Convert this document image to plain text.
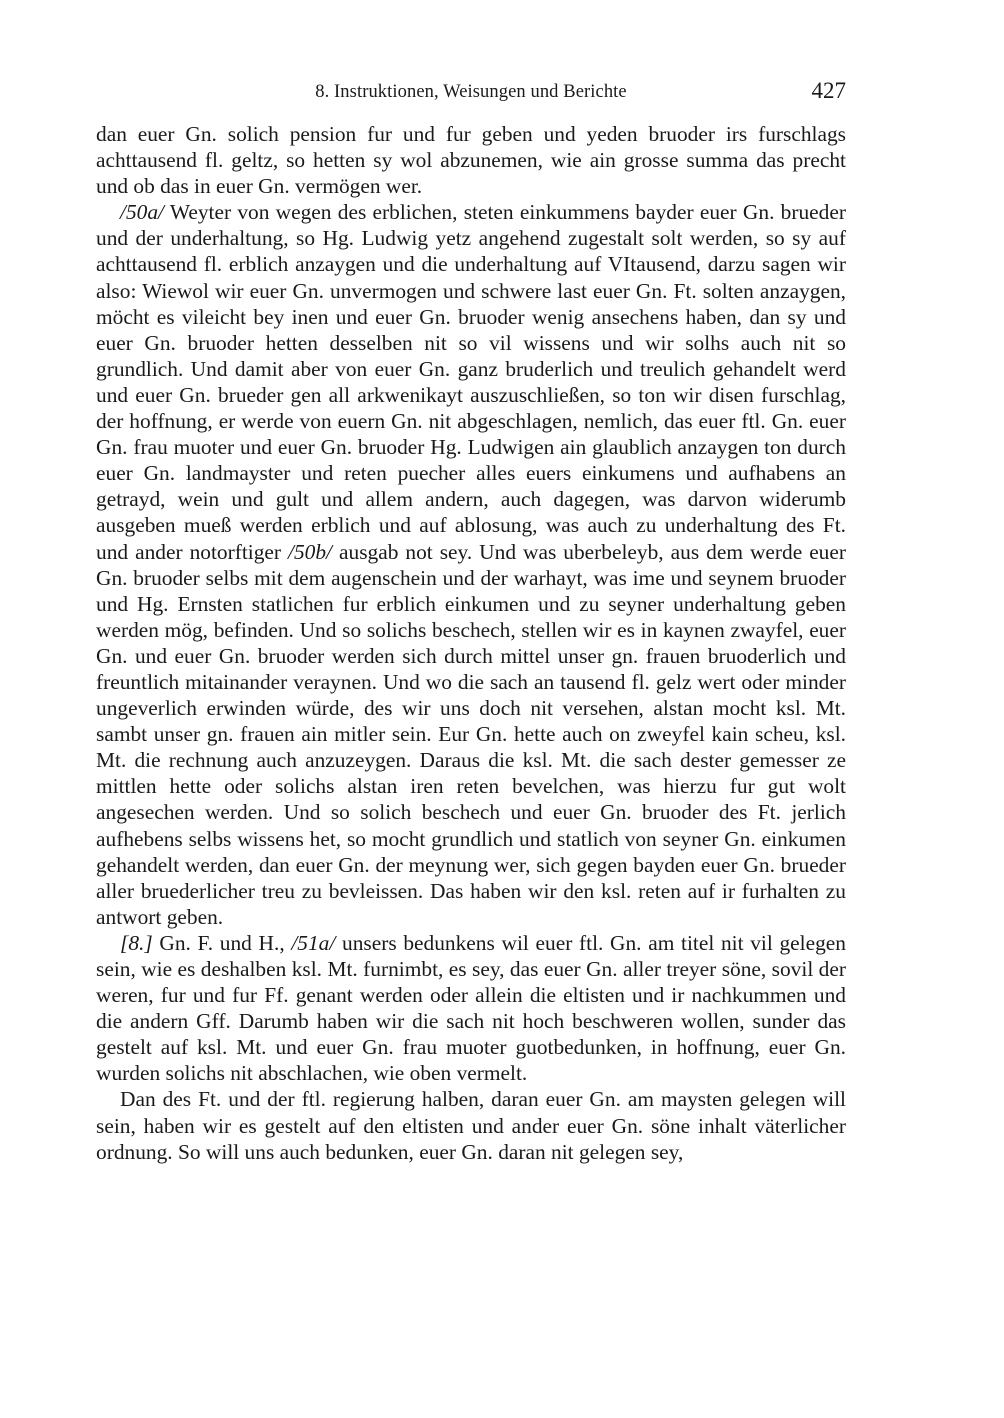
8. Instruktionen, Weisungen und Berichte	427

dan euer Gn. solich pension fur und fur geben und yeden bruoder irs furschlags achttausend fl. geltz, so hetten sy wol abzunemen, wie ain grosse summa das precht und ob das in euer Gn. vermögen wer.

/50a/ Weyter von wegen des erblichen, steten einkummens bayder euer Gn. brueder und der underhaltung, so Hg. Ludwig yetz angehend zugestalt solt werden, so sy auf achttausend fl. erblich anzaygen und die underhaltung auf VItausend, darzu sagen wir also: Wiewol wir euer Gn. unvermogen und schwere last euer Gn. Ft. solten anzaygen, möcht es vileicht bey inen und euer Gn. bruoder wenig ansechens haben, dan sy und euer Gn. bruoder hetten desselben nit so vil wissens und wir solhs auch nit so grundlich. Und damit aber von euer Gn. ganz bruderlich und treulich gehandelt werd und euer Gn. brueder gen all arkwenikayt auszuschließen, so ton wir disen furschlag, der hoffnung, er werde von euern Gn. nit abgeschlagen, nemlich, das euer ftl. Gn. euer Gn. frau muoter und euer Gn. bruoder Hg. Ludwigen ain glaublich anzaygen ton durch euer Gn. landmayster und reten puecher alles euers einkumens und aufhabens an getrayd, wein und gult und allem andern, auch dagegen, was darvon widerumb ausgeben mueß werden erblich und auf ablosung, was auch zu underhaltung des Ft. und ander notorftiger /50b/ ausgab not sey. Und was uberbeleyb, aus dem werde euer Gn. bruoder selbs mit dem augenschein und der warhayt, was ime und seynem bruoder und Hg. Ernsten statlichen fur erblich einkumen und zu seyner underhaltung geben werden mög, befinden. Und so solichs beschech, stellen wir es in kaynen zwayfel, euer Gn. und euer Gn. bruoder werden sich durch mittel unser gn. frauen bruoderlich und freuntlich mitainander veraynen. Und wo die sach an tausend fl. gelz wert oder minder ungeverlich erwinden würde, des wir uns doch nit versehen, alstan mocht ksl. Mt. sambt unser gn. frauen ain mitler sein. Eur Gn. hette auch on zweyfel kain scheu, ksl. Mt. die rechnung auch anzuzeygen. Daraus die ksl. Mt. die sach dester gemesser ze mittlen hette oder solichs alstan iren reten bevelchen, was hierzu fur gut wolt angesechen werden. Und so solich beschech und euer Gn. bruoder des Ft. jerlich aufhebens selbs wissens het, so mocht grundlich und statlich von seyner Gn. einkumen gehandelt werden, dan euer Gn. der meynung wer, sich gegen bayden euer Gn. brueder aller bruederlicher treu zu bevleissen. Das haben wir den ksl. reten auf ir furhalten zu antwort geben.

[8.] Gn. F. und H., /51a/ unsers bedunkens wil euer ftl. Gn. am titel nit vil gelegen sein, wie es deshalben ksl. Mt. furnimbt, es sey, das euer Gn. aller treyer söne, sovil der weren, fur und fur Ff. genant werden oder allein die eltisten und ir nachkummen und die andern Gff. Darumb haben wir die sach nit hoch beschweren wollen, sunder das gestelt auf ksl. Mt. und euer Gn. frau muoter guotbedunken, in hoffnung, euer Gn. wurden solichs nit abschlachen, wie oben vermelt.

Dan des Ft. und der ftl. regierung halben, daran euer Gn. am maysten gelegen will sein, haben wir es gestelt auf den eltisten und ander euer Gn. söne inhalt väterlicher ordnung. So will uns auch bedunken, euer Gn. daran nit gelegen sey,
